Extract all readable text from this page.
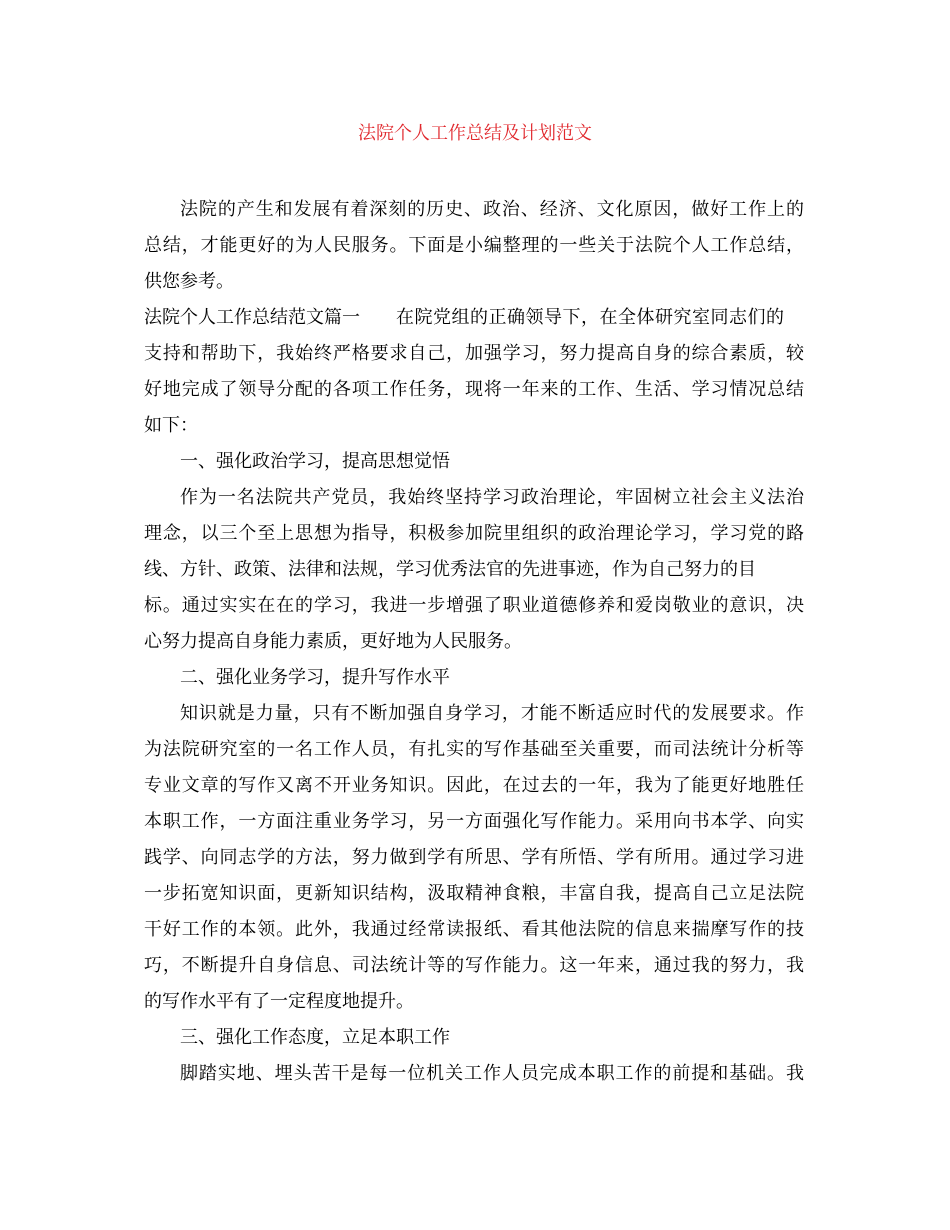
法院个人工作总结及计划范文
法院的产生和发展有着深刻的历史、政治、经济、文化原因，做好工作上的
总结，才能更好的为人民服务。下面是小编整理的一些关于法院个人工作总结，
供您参考。
法院个人工作总结范文篇一 在院党组的正确领导下，在全体研究室同志们的
支持和帮助下，我始终严格要求自己，加强学习，努力提高自身的综合素质，较
好地完成了领导分配的各项工作任务，现将一年来的工作、生活、学习情况总结
如下：
一、强化政治学习，提高思想觉悟
作为一名法院共产党员，我始终坚持学习政治理论，牢固树立社会主义法治
理念，以三个至上思想为指导，积极参加院里组织的政治理论学习，学习党的路
线、方针、政策、法律和法规，学习优秀法官的先进事迹，作为自己努力的目
标。通过实实在在的学习，我进一步增强了职业道德修养和爱岗敬业的意识，决
心努力提高自身能力素质，更好地为人民服务。
二、强化业务学习，提升写作水平
知识就是力量，只有不断加强自身学习，才能不断适应时代的发展要求。作
为法院研究室的一名工作人员，有扎实的写作基础至关重要，而司法统计分析等
专业文章的写作又离不开业务知识。因此，在过去的一年，我为了能更好地胜任
本职工作，一方面注重业务学习，另一方面强化写作能力。采用向书本学、向实
践学、向同志学的方法，努力做到学有所思、学有所悟、学有所用。通过学习进
一步拓宽知识面，更新知识结构，汲取精神食粮，丰富自我，提高自己立足法院
干好工作的本领。此外，我通过经常读报纸、看其他法院的信息来揣摩写作的技
巧，不断提升自身信息、司法统计等的写作能力。这一年来，通过我的努力，我
的写作水平有了一定程度地提升。
三、强化工作态度，立足本职工作
脚踏实地、埋头苦干是每一位机关工作人员完成本职工作的前提和基础。我
